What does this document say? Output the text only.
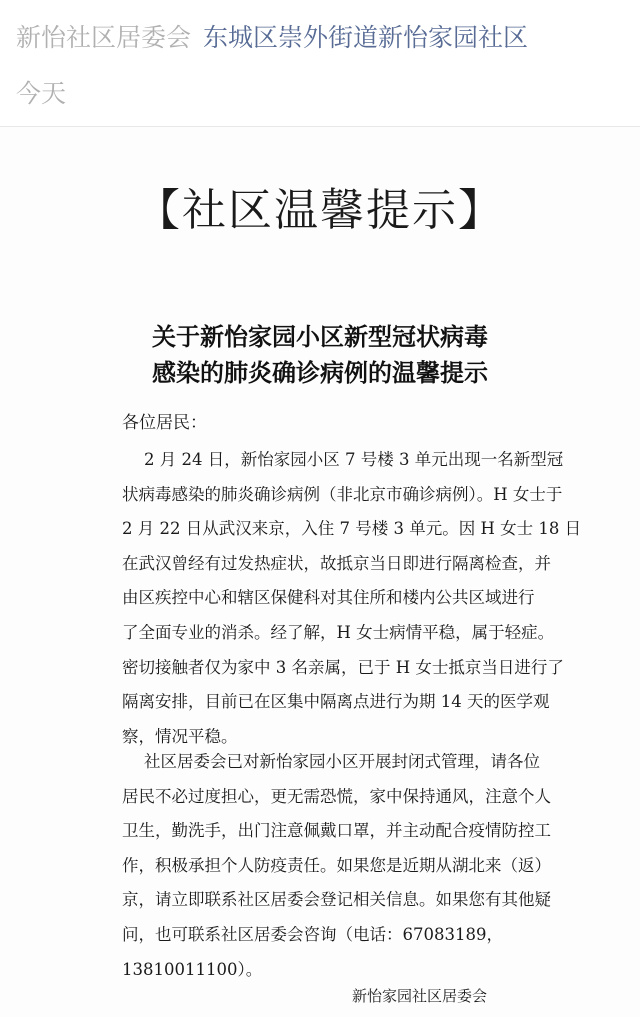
新怡社区居委会 东城区崇外街道新怡家园社区
今天
【社区温馨提示】
关于新怡家园小区新型冠状病毒
感染的肺炎确诊病例的温馨提示
各位居民：
2 月 24 日，新怡家园小区 7 号楼 3 单元出现一名新型冠
状病毒感染的肺炎确诊病例（非北京市确诊病例）。H 女士于
2 月 22 日从武汉来京，入住 7 号楼 3 单元。因 H 女士 18 日
在武汉曾经有过发热症状，故抵京当日即进行隔离检查，并
由区疾控中心和辖区保健科对其住所和楼内公共区域进行
了全面专业的消杀。经了解，H 女士病情平稳，属于轻症。
密切接触者仅为家中 3 名亲属，已于 H 女士抵京当日进行了
隔离安排，目前已在区集中隔离点进行为期 14 天的医学观
察，情况平稳。
社区居委会已对新怡家园小区开展封闭式管理，请各位
居民不必过度担心，更无需恐慌，家中保持通风，注意个人
卫生，勤洗手，出门注意佩戴口罩，并主动配合疫情防控工
作，积极承担个人防疫责任。如果您是近期从湖北来（返）
京，请立即联系社区居委会登记相关信息。如果您有其他疑
问，也可联系社区居委会咨询（电话：67083189，
13810011100）。
新怡家园社区居委会
